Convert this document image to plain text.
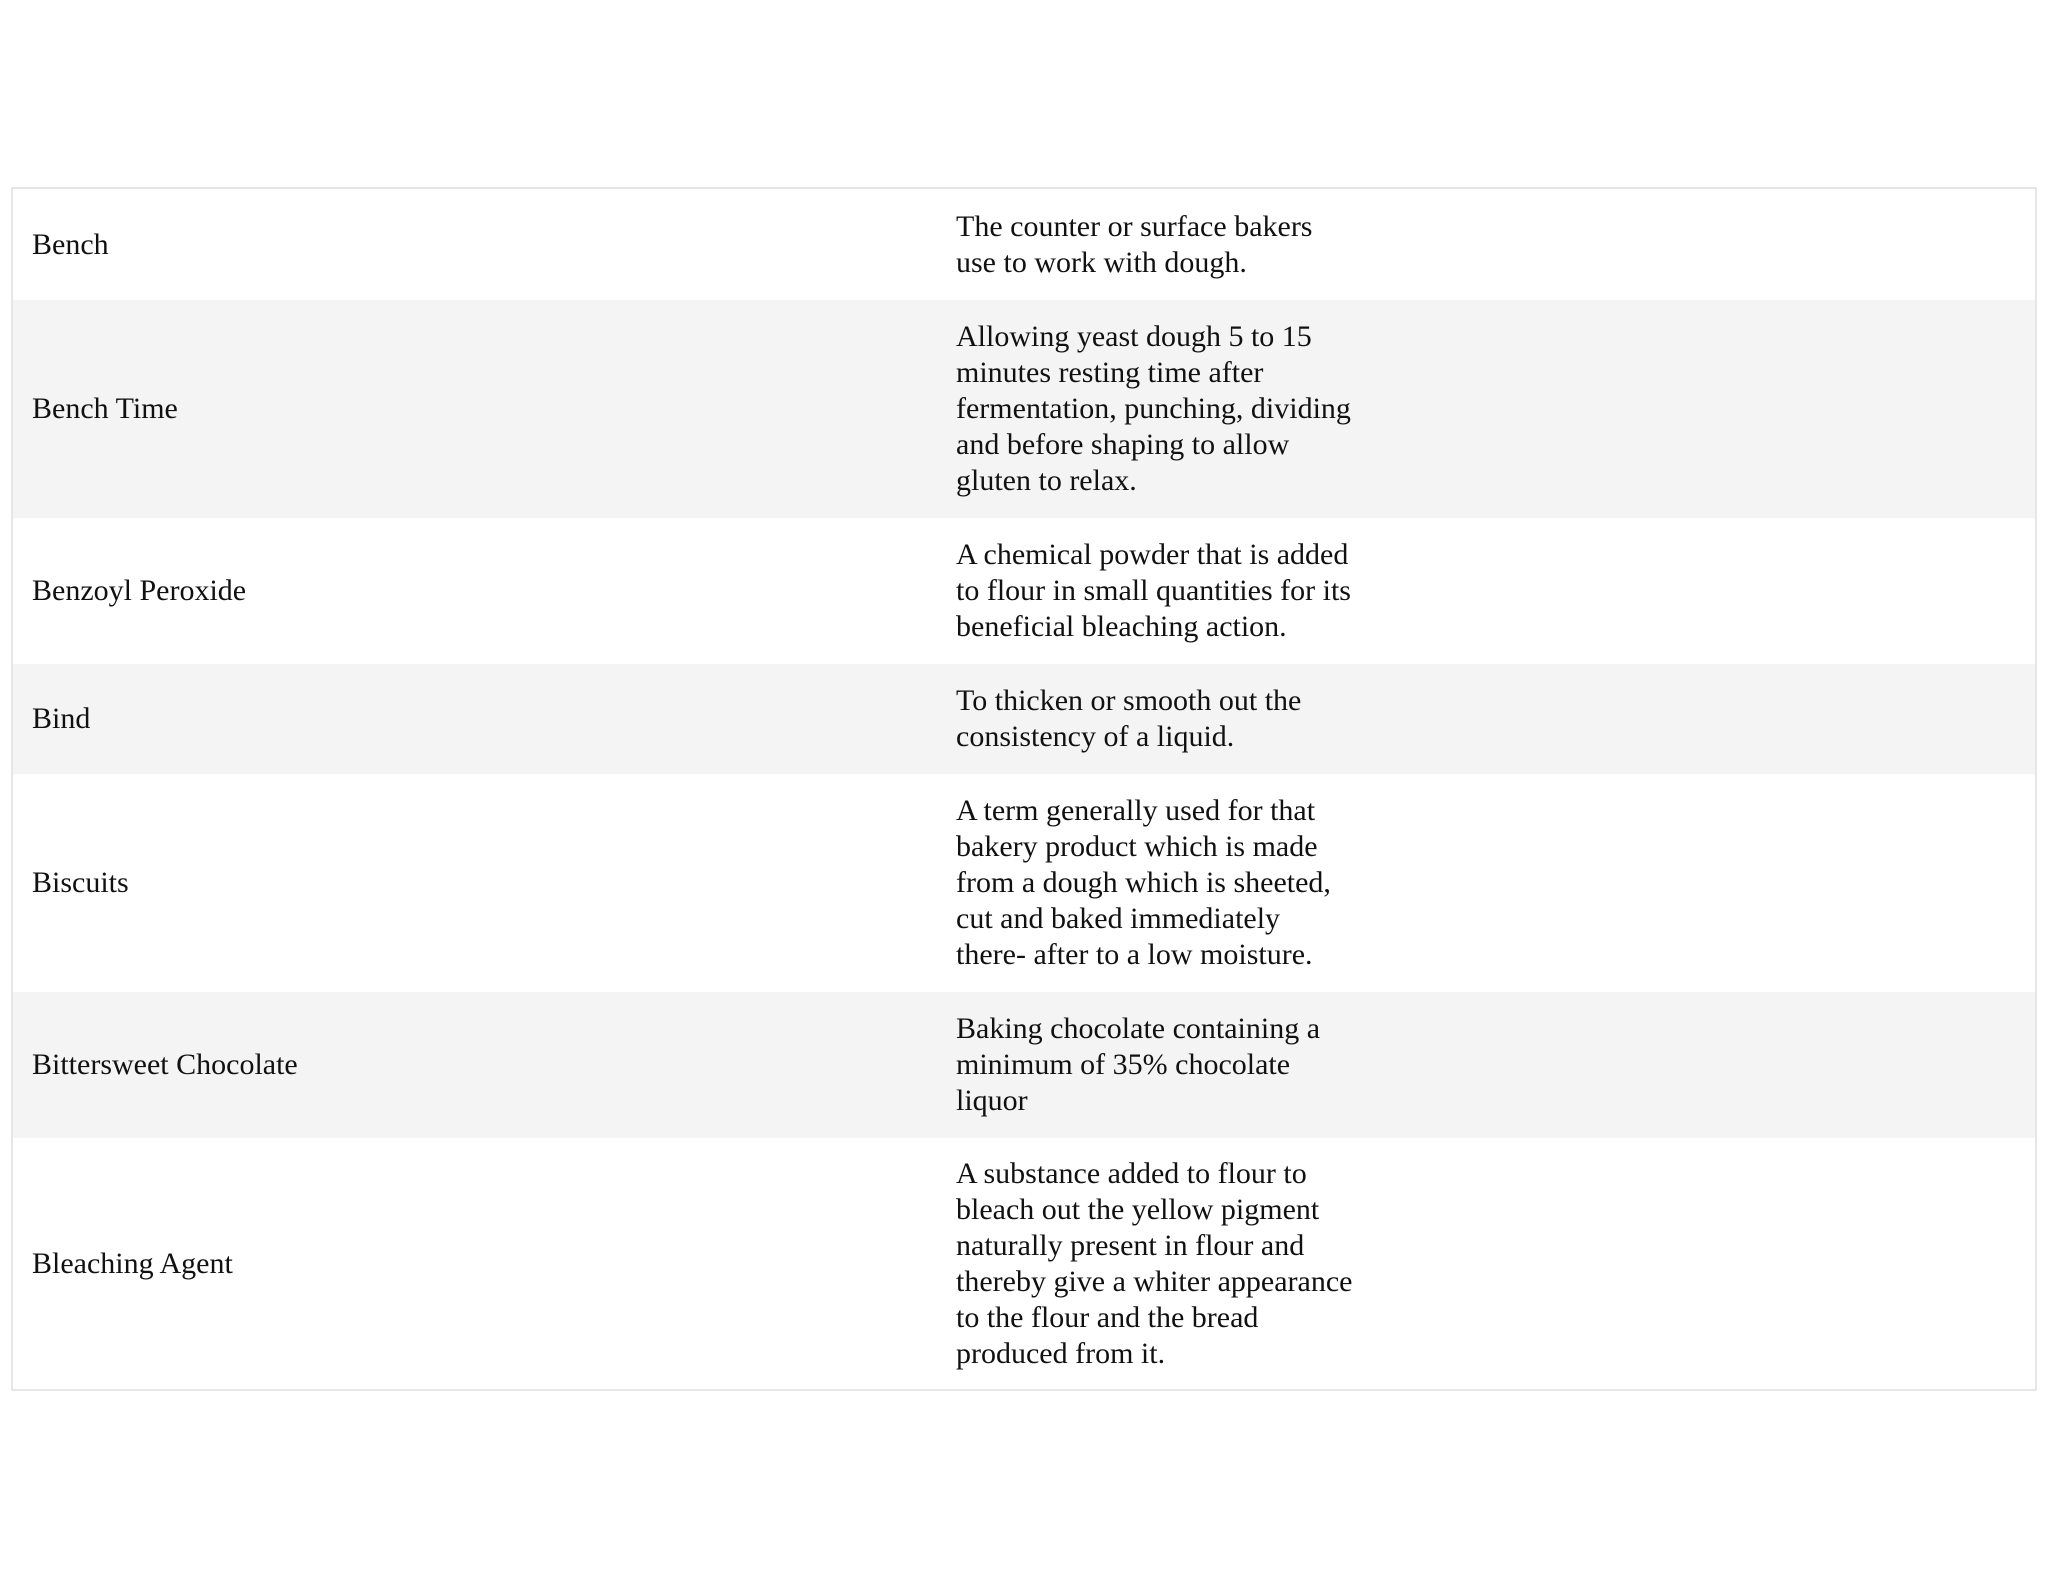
Bench
The counter or surface bakers
use to work with dough.
Bench Time
Allowing yeast dough 5 to 15
minutes resting time after
fermentation, punching, dividing
and before shaping to allow
gluten to relax.
Benzoyl Peroxide
A chemical powder that is added
to flour in small quantities for its
beneficial bleaching action.
Bind
To thicken or smooth out the
consistency of a liquid.
Biscuits
A term generally used for that
bakery product which is made
from a dough which is sheeted,
cut and baked immediately
there- after to a low moisture.
Bittersweet Chocolate
Baking chocolate containing a
minimum of 35% chocolate
liquor
Bleaching Agent
A substance added to flour to
bleach out the yellow pigment
naturally present in flour and
thereby give a whiter appearance
to the flour and the bread
produced from it.
